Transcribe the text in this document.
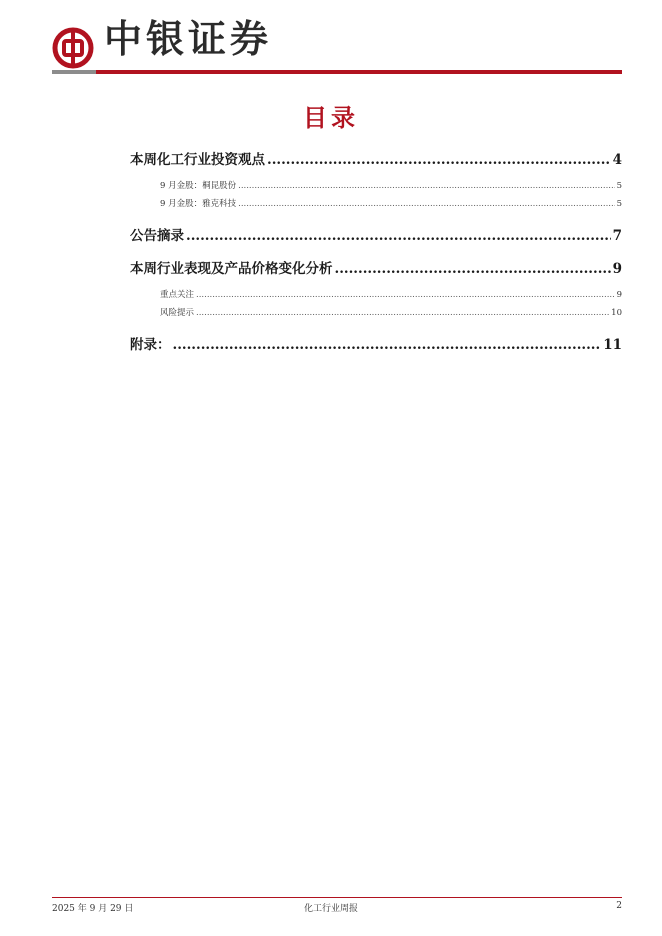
中银证券
目录
本周化工行业投资观点 .....	4
9 月金股：桐昆股份 .....	5
9 月金股：雅克科技 .....	5
公告摘录 .....	7
本周行业表现及产品价格变化分析 .....	9
重点关注 .....	9
风险提示 .....	10
附录： .....	11
2025 年 9 月 29 日	化工行业周报	2
